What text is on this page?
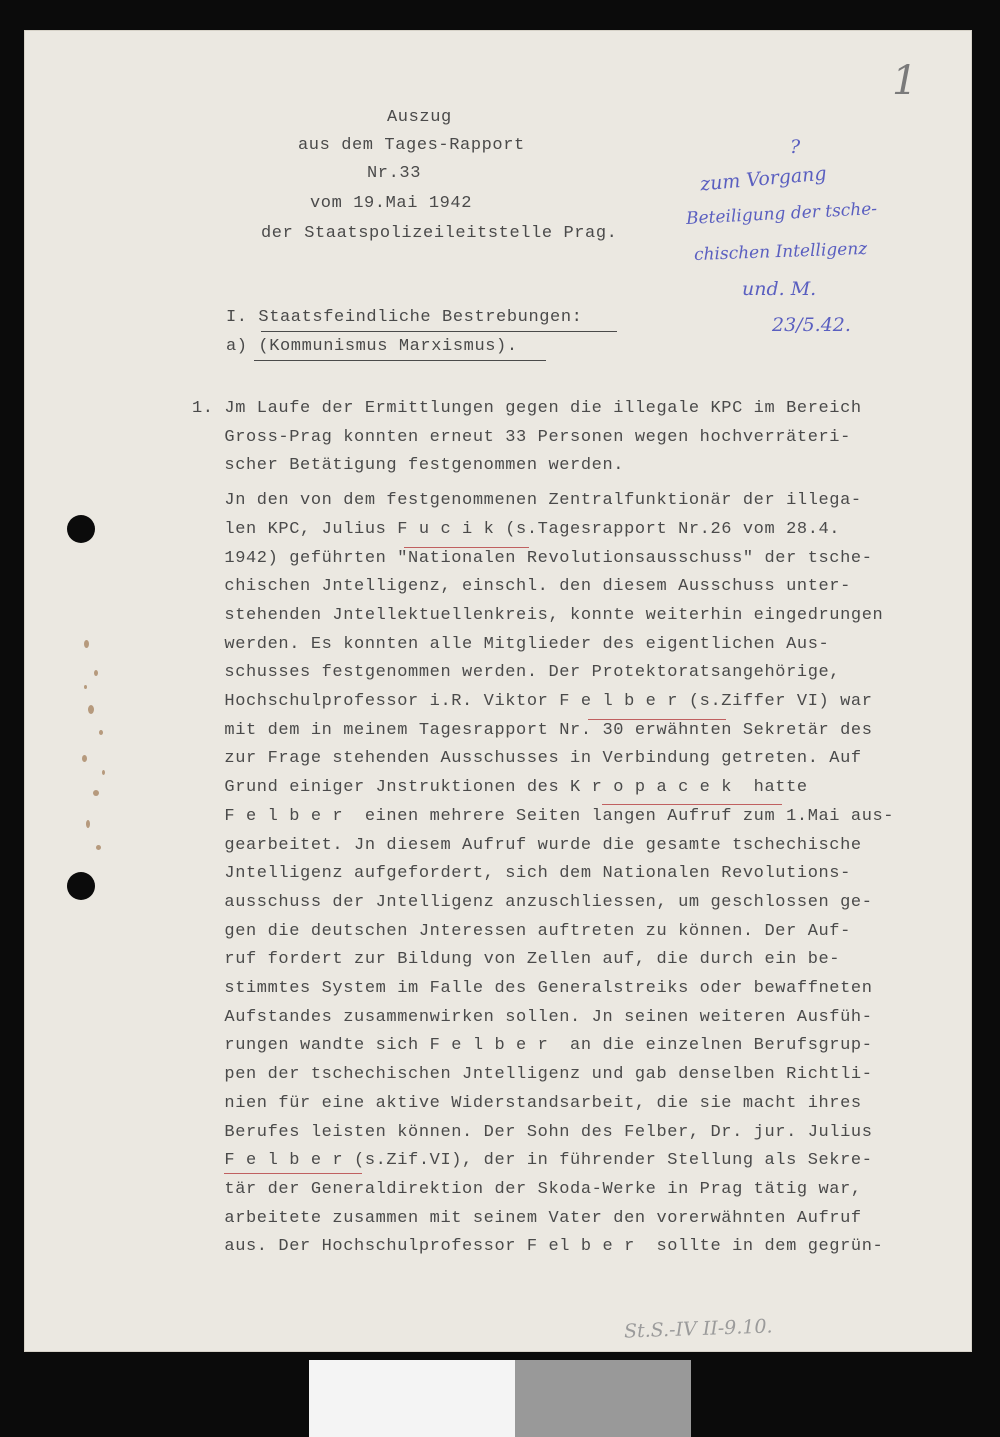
1
Auszug
aus dem Tages-Rapport
Nr.33
vom 19.Mai 1942
der Staatspolizeileitstelle Prag.
?
zum Vorgang
Beteiligung der tsche-
chischen Intelligenz
und. M.
23/5.42.
I. Staatsfeindliche Bestrebungen:
a) (Kommunismus Marxismus).
1. Jm Laufe der Ermittlungen gegen die illegale KPC im Bereich
Gross-Prag konnten erneut 33 Personen wegen hochverräteri-
scher Betätigung festgenommen werden.
Jn den von dem festgenommenen Zentralfunktionär der illega-
len KPC, Julius F u c i k (s.Tagesrapport Nr.26 vom 28.4.
1942) geführten "Nationalen Revolutionsausschuss" der tsche-
chischen Jntelligenz, einschl. den diesem Ausschuss unter-
stehenden Jntellektuellenkreis, konnte weiterhin eingedrungen
werden. Es konnten alle Mitglieder des eigentlichen Aus-
schusses festgenommen werden. Der Protektoratsangehörige,
Hochschulprofessor i.R. Viktor F e l b e r (s.Ziffer VI) war
mit dem in meinem Tagesrapport Nr. 30 erwähnten Sekretär des
zur Frage stehenden Ausschusses in Verbindung getreten. Auf
Grund einiger Jnstruktionen des K r o p a c e k  hatte
F e l b e r  einen mehrere Seiten langen Aufruf zum 1.Mai aus-
gearbeitet. Jn diesem Aufruf wurde die gesamte tschechische
Jntelligenz aufgefordert, sich dem Nationalen Revolutions-
ausschuss der Jntelligenz anzuschliessen, um geschlossen ge-
gen die deutschen Jnteressen auftreten zu können. Der Auf-
ruf fordert zur Bildung von Zellen auf, die durch ein be-
stimmtes System im Falle des Generalstreiks oder bewaffneten
Aufstandes zusammenwirken sollen. Jn seinen weiteren Ausfüh-
rungen wandte sich F e l b e r  an die einzelnen Berufsgrup-
pen der tschechischen Jntelligenz und gab denselben Richtli-
nien für eine aktive Widerstandsarbeit, die sie macht ihres
Berufes leisten können. Der Sohn des Felber, Dr. jur. Julius
F e l b e r (s.Zif.VI), der in führender Stellung als Sekre-
tär der Generaldirektion der Skoda-Werke in Prag tätig war,
arbeitete zusammen mit seinem Vater den vorerwähnten Aufruf
aus. Der Hochschulprofessor F el b e r  sollte in dem gegrün-
St.S.-IV II-9.10.
